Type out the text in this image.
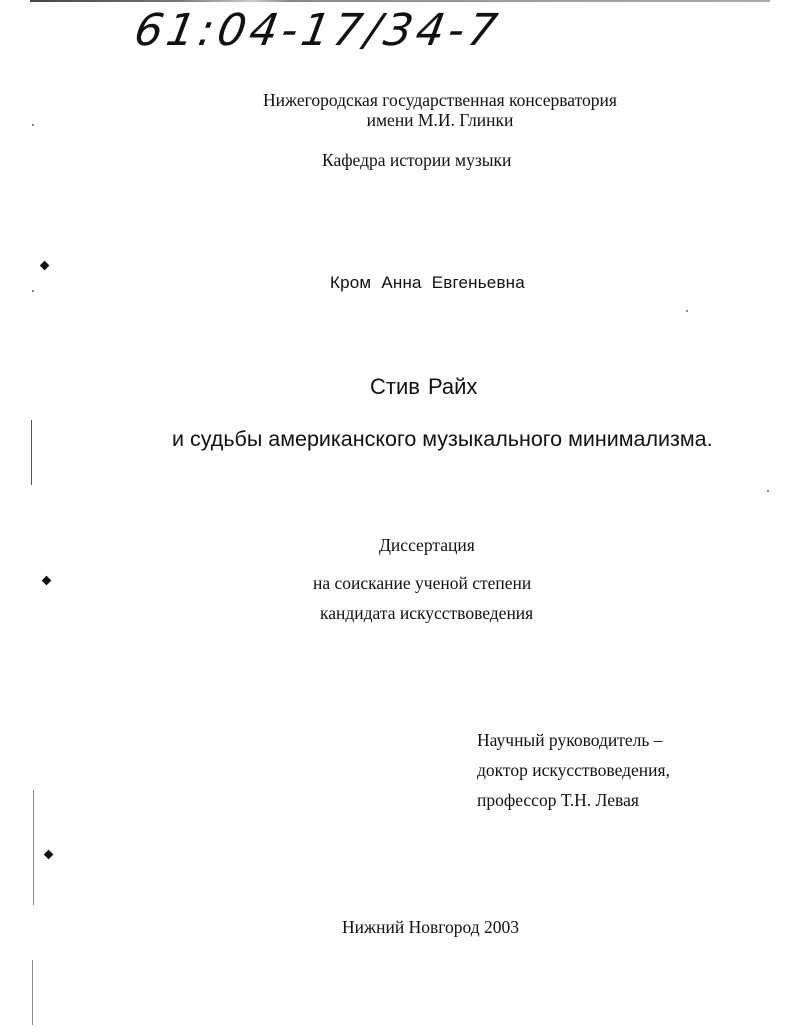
61:04-17/34-7
Нижегородская государственная консерватория
имени М.И. Глинки
Кафедра истории музыки
Кром Анна Евгеньевна
Стив Райх
и судьбы американского музыкального минимализма.
Диссертация
на соискание ученой степени
кандидата искусствоведения
Научный руководитель –
доктор искусствоведения,
профессор Т.Н. Левая
Нижний Новгород 2003
⬥
⬥
⬥
